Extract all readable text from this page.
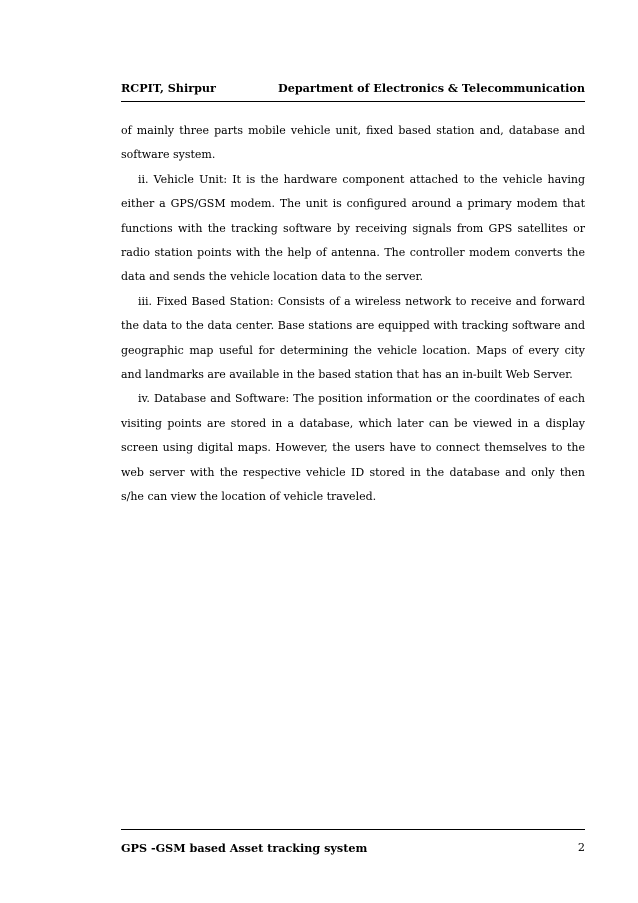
RCPIT, Shirpur	Department of Electronics & Telecommunication

of mainly three parts mobile vehicle unit, fixed based station and, database and software system.

ii. Vehicle Unit: It is the hardware component attached to the vehicle having either a GPS/GSM modem. The unit is configured around a primary modem that functions with the tracking software by receiving signals from GPS satellites or radio station points with the help of antenna. The controller modem converts the data and sends the vehicle location data to the server.

iii. Fixed Based Station: Consists of a wireless network to receive and forward the data to the data center. Base stations are equipped with tracking software and geographic map useful for determining the vehicle location. Maps of every city and landmarks are available in the based station that has an in-built Web Server.

iv. Database and Software: The position information or the coordinates of each visiting points are stored in a database, which later can be viewed in a display screen using digital maps. However, the users have to connect themselves to the web server with the respective vehicle ID stored in the database and only then s/he can view the location of vehicle traveled.

GPS -GSM based Asset tracking system	2
